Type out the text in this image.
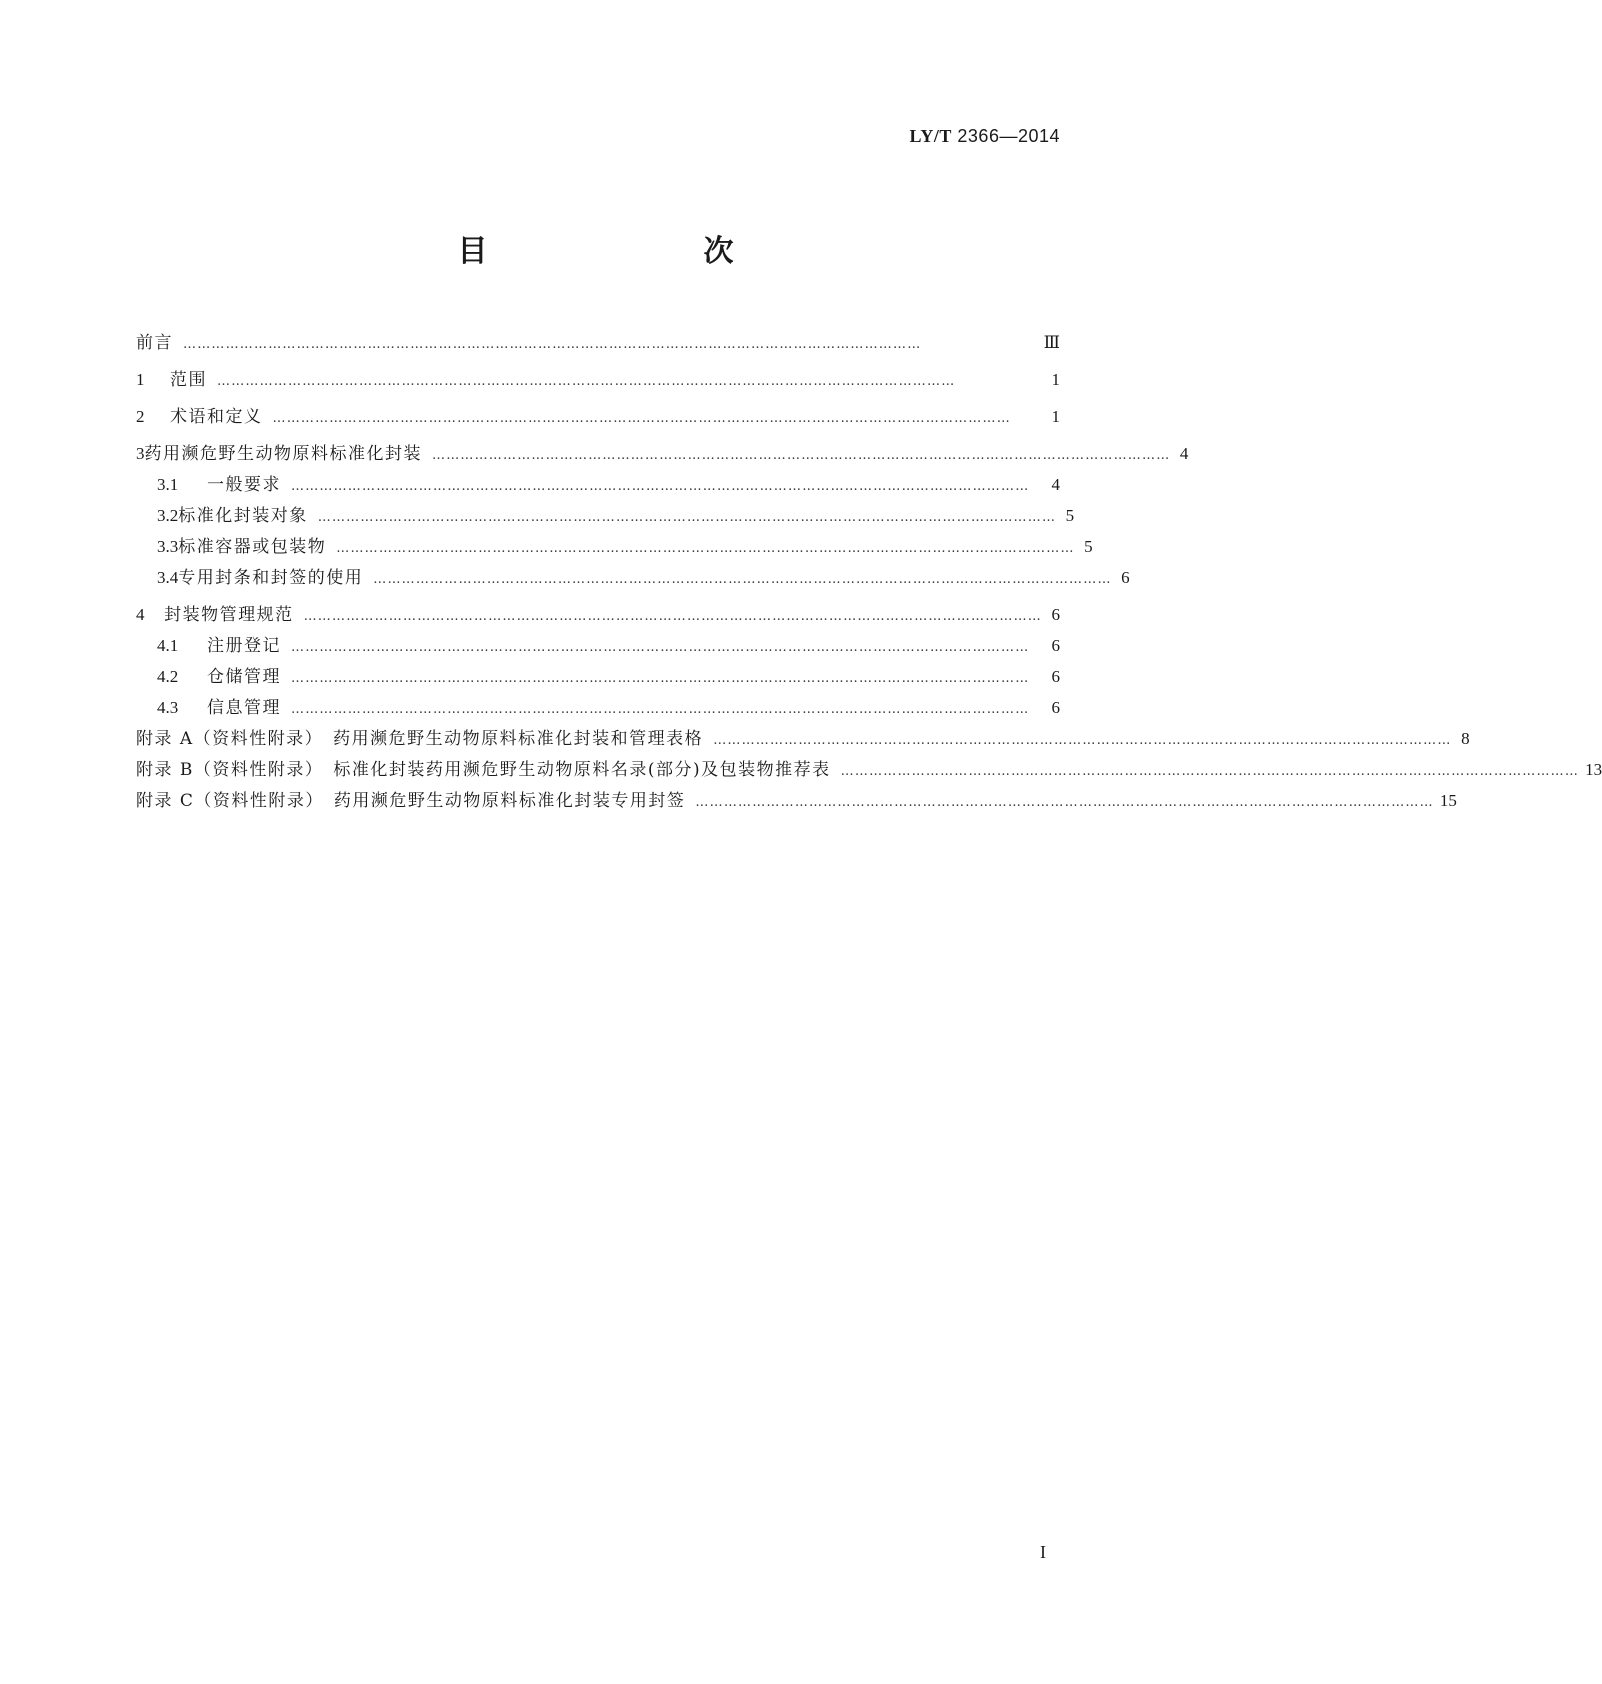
LY/T 2366—2014
目　　次
前言 …………………………………………………………………………………………………………………………………………	Ⅲ
1	范围 …………………………………………………………………………………………………………………………………………	1
2	术语和定义 …………………………………………………………………………………………………………………………………………	1
3 药用濒危野生动物原料标准化封装 ………………………………………………………………………………………………………………………………………… 4
3.1	一般要求 …………………………………………………………………………………………………………………………………………	4
3.2 标准化封装对象 ………………………………………………………………………………………………………………………………………… 5
3.3 标准容器或包装物 ………………………………………………………………………………………………………………………………………… 5
3.4 专用封条和封签的使用 ………………………………………………………………………………………………………………………………………… 6
4	封装物管理规范 ………………………………………………………………………………………………………………………………………… 6
4.1	注册登记 …………………………………………………………………………………………………………………………………………	6
4.2	仓储管理 …………………………………………………………………………………………………………………………………………	6
4.3	信息管理 …………………………………………………………………………………………………………………………………………	6
附录 A（资料性附录）　药用濒危野生动物原料标准化封装和管理表格 ………………………………………………………………………………………………………………………………………… 8
附录 B（资料性附录）　标准化封装药用濒危野生动物原料名录(部分)及包装物推荐表 ………………………………………………………………………………………………………………………………………… 13
附录 C（资料性附录）　药用濒危野生动物原料标准化封装专用封签 ………………………………………………………………………………………………………………………………………… 15
I
